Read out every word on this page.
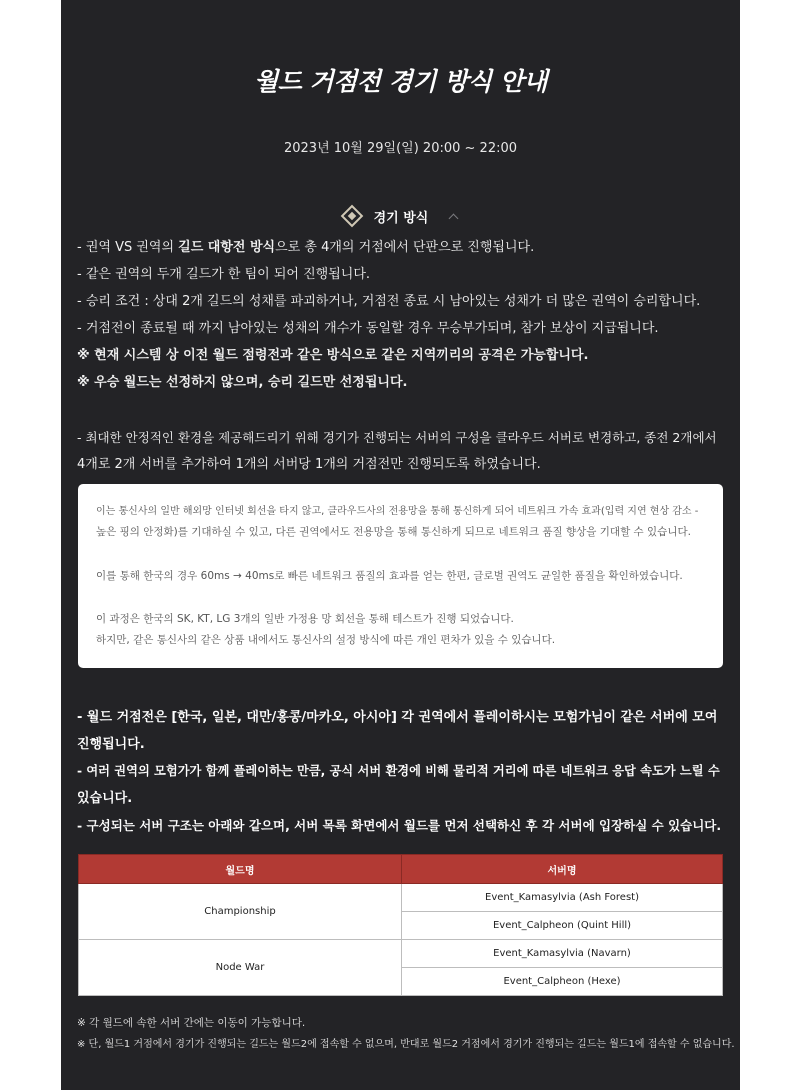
월드 거점전 경기 방식 안내
2023년 10월 29일(일) 20:00 ~ 22:00
경기 방식
- 권역 VS 권역의 길드 대항전 방식으로 총 4개의 거점에서 단판으로 진행됩니다.
- 같은 권역의 두개 길드가 한 팀이 되어 진행됩니다.
- 승리 조건 : 상대 2개 길드의 성채를 파괴하거나, 거점전 종료 시 남아있는 성채가 더 많은 권역이 승리합니다.
- 거점전이 종료될 때 까지 남아있는 성채의 개수가 동일할 경우 무승부가되며, 참가 보상이 지급됩니다.
※ 현재 시스템 상 이전 월드 점령전과 같은 방식으로 같은 지역끼리의 공격은 가능합니다.
※ 우승 월드는 선정하지 않으며, 승리 길드만 선정됩니다.
- 최대한 안정적인 환경을 제공해드리기 위해 경기가 진행되는 서버의 구성을 클라우드 서버로 변경하고, 종전 2개에서
4개로 2개 서버를 추가하여 1개의 서버당 1개의 거점전만 진행되도록 하였습니다.
이는 통신사의 일반 해외망 인터넷 회선을 타지 않고, 클라우드사의 전용망을 통해 통신하게 되어 네트워크 가속 효과(입력 지연 현상 감소 -
높은 핑의 안정화)를 기대하실 수 있고, 다른 권역에서도 전용망을 통해 통신하게 되므로 네트워크 품질 향상을 기대할 수 있습니다.
이를 통해 한국의 경우 60ms → 40ms로 빠른 네트워크 품질의 효과를 얻는 한편, 글로벌 권역도 균일한 품질을 확인하였습니다.
이 과정은 한국의 SK, KT, LG 3개의 일반 가정용 망 회선을 통해 테스트가 진행 되었습니다.
하지만, 같은 통신사의 같은 상품 내에서도 통신사의 설정 방식에 따른 개인 편차가 있을 수 있습니다.
- 월드 거점전은 [한국, 일본, 대만/홍콩/마카오, 아시아] 각 권역에서 플레이하시는 모험가님이 같은 서버에 모여
진행됩니다.
- 여러 권역의 모험가가 함께 플레이하는 만큼, 공식 서버 환경에 비해 물리적 거리에 따른 네트워크 응답 속도가 느릴 수
있습니다.
- 구성되는 서버 구조는 아래와 같으며, 서버 목록 화면에서 월드를 먼저 선택하신 후 각 서버에 입장하실 수 있습니다.
월드명	서버명
Championship	Event_Kamasylvia (Ash Forest)
	Event_Calpheon (Quint Hill)
Node War	Event_Kamasylvia (Navarn)
	Event_Calpheon (Hexe)
※ 각 월드에 속한 서버 간에는 이동이 가능합니다.
※ 단, 월드1 거점에서 경기가 진행되는 길드는 월드2에 접속할 수 없으며, 반대로 월드2 거점에서 경기가 진행되는 길드는 월드1에 접속할 수 없습니다.
